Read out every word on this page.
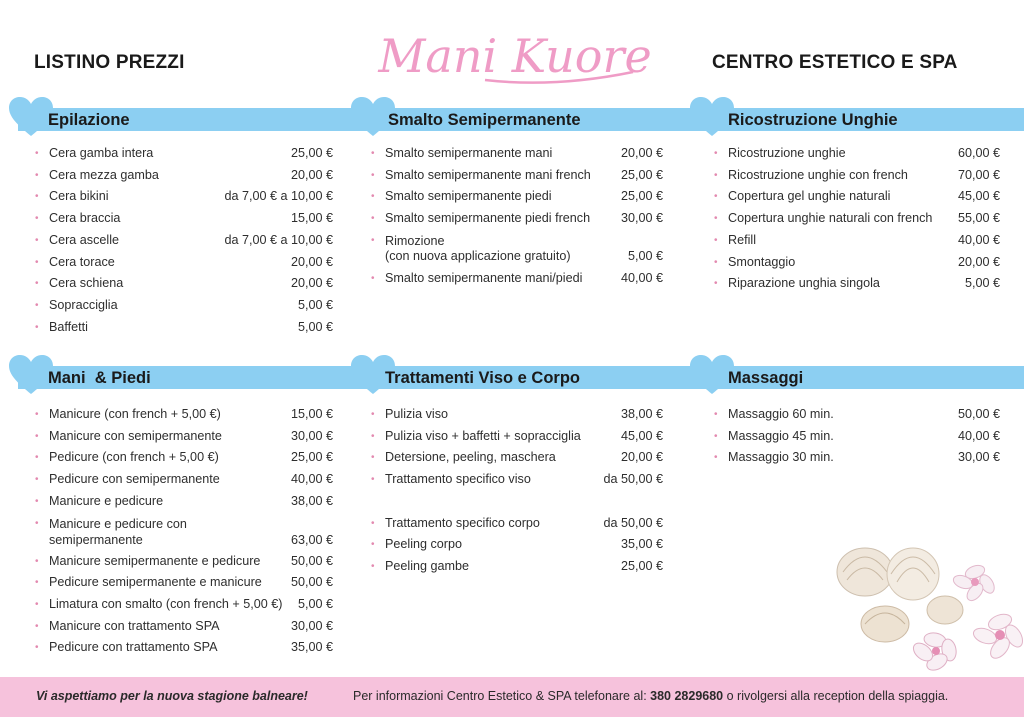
LISTINO PREZZI	Mani Kuore	CENTRO ESTETICO E SPA
Epilazione
• Cera gamba intera	25,00 €
• Cera mezza gamba	20,00 €
• Cera bikini	da 7,00 € a 10,00 €
• Cera braccia	15,00 €
• Cera ascelle	da 7,00 € a 10,00 €
• Cera torace	20,00 €
• Cera schiena	20,00 €
• Sopracciglia	5,00 €
• Baffetti	5,00 €
Smalto Semipermanente
• Smalto semipermanente mani	20,00 €
• Smalto semipermanente mani french 25,00 €
• Smalto semipermanente piedi	25,00 €
• Smalto semipermanente piedi french 30,00 €
• Rimozione
(con nuova applicazione gratuito)	5,00 €
• Smalto semipermanente mani/piedi	40,00 €
Ricostruzione Unghie
• Ricostruzione unghie	60,00 €
• Ricostruzione unghie con french	70,00 €
• Copertura gel unghie naturali	45,00 €
• Copertura unghie naturali con french 55,00 €
• Refill	40,00 €
• Smontaggio	20,00 €
• Riparazione unghia singola	5,00 €
Mani  & Piedi
• Manicure (con french + 5,00 €)	15,00 €
• Manicure con semipermanente	30,00 €
• Pedicure (con french + 5,00 €)	25,00 €
• Pedicure con semipermanente	40,00 €
• Manicure e pedicure	38,00 €
• Manicure e pedicure con
semipermanente	63,00 €
• Manicure semipermanente e pedicure 50,00 €
• Pedicure semipermanente e manicure 50,00 €
• Limatura con smalto (con french + 5,00 €) 5,00 €
• Manicure con trattamento SPA	30,00 €
• Pedicure con trattamento SPA	35,00 €
Trattamenti Viso e Corpo
• Pulizia viso	38,00 €
• Pulizia viso + baffetti + sopracciglia	45,00 €
• Detersione, peeling, maschera	20,00 €
• Trattamento specifico viso	da 50,00 €
• Trattamento specifico corpo	da 50,00 €
• Peeling corpo	35,00 €
• Peeling gambe	25,00 €
Massaggi
• Massaggio 60 min.	50,00 €
• Massaggio 45 min.	40,00 €
• Massaggio 30 min.	30,00 €
Vi aspettiamo per la nuova stagione balneare!	Per informazioni Centro Estetico & SPA telefonare al: 380 2829680 o rivolgersi alla reception della spiaggia.
